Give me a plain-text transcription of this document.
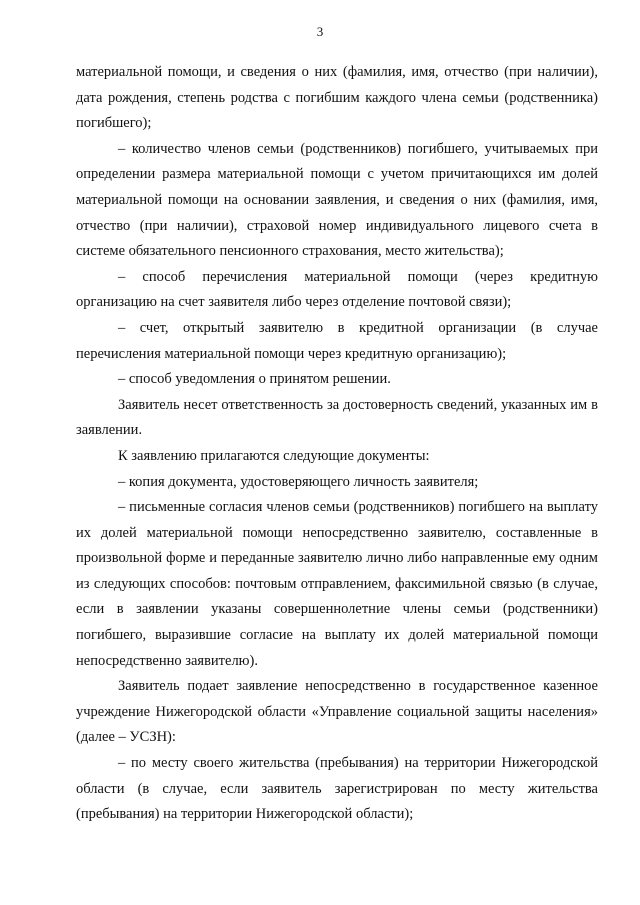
3

материальной помощи, и сведения о них (фамилия, имя, отчество (при наличии), дата рождения, степень родства с погибшим каждого члена семьи (родственника) погибшего);

– количество членов семьи (родственников) погибшего, учитываемых при определении размера материальной помощи с учетом причитающихся им долей материальной помощи на основании заявления, и сведения о них (фамилия, имя, отчество (при наличии), страховой номер индивидуального лицевого счета в системе обязательного пенсионного страхования, место жительства);

– способ перечисления материальной помощи (через кредитную организацию на счет заявителя либо через отделение почтовой связи);

– счет, открытый заявителю в кредитной организации (в случае перечисления материальной помощи через кредитную организацию);

– способ уведомления о принятом решении.

Заявитель несет ответственность за достоверность сведений, указанных им в заявлении.

К заявлению прилагаются следующие документы:

– копия документа, удостоверяющего личность заявителя;

– письменные согласия членов семьи (родственников) погибшего на выплату их долей материальной помощи непосредственно заявителю, составленные в произвольной форме и переданные заявителю лично либо направленные ему одним из следующих способов: почтовым отправлением, факсимильной связью (в случае, если в заявлении указаны совершеннолетние члены семьи (родственники) погибшего, выразившие согласие на выплату их долей материальной помощи непосредственно заявителю).

Заявитель подает заявление непосредственно в государственное казенное учреждение Нижегородской области «Управление социальной защиты населения» (далее – УСЗН):

– по месту своего жительства (пребывания) на территории Нижегородской области (в случае, если заявитель зарегистрирован по месту жительства (пребывания) на территории Нижегородской области);
